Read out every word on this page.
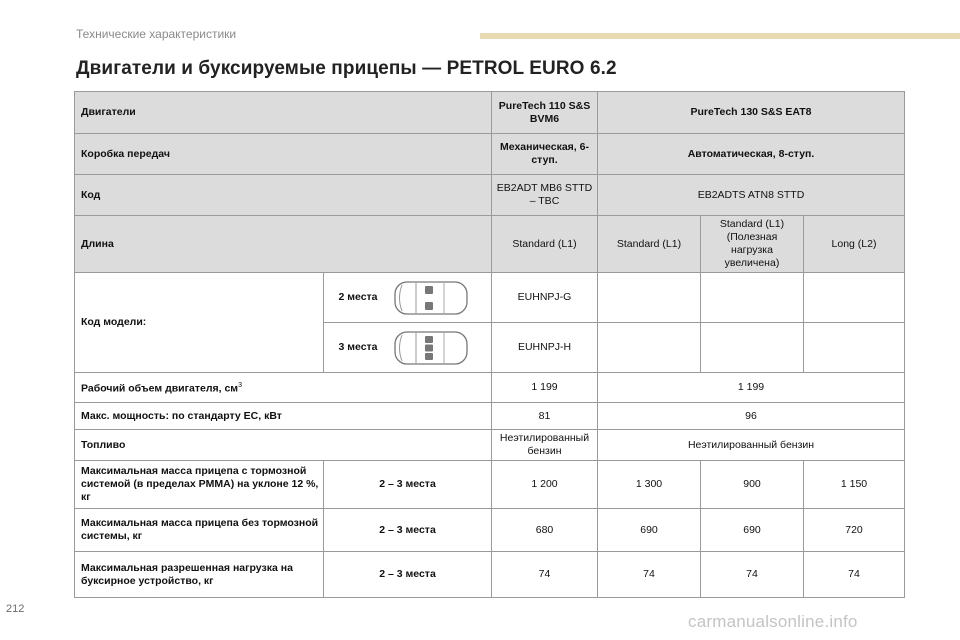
Технические характеристики
Двигатели и буксируемые прицепы — PETROL EURO 6.2
Двигатели		PureTech 110 S&S BVM6	PureTech 130 S&S EAT8		
Коробка передач		Механическая, 6-ступ.	Автоматическая, 8-ступ.		
Код		EB2ADT MB6 STTD – TBC	EB2ADTS ATN8 STTD		
Длина		Standard (L1)	Standard (L1)	Standard (L1) (Полезная нагрузка увеличена)	Long (L2)
Код модели:	2 места	EUHNPJ-G			

	3 места	EUHNPJ-H			
Рабочий объем двигателя, $см^3$		1 199	1 199		
Макс. мощность: по стандарту ЕС, кВт		81	96		
Топливо		Неэтилированный бензин	Неэтилированный бензин		
Максимальная масса прицепа с тормозной системой (в пределах PMMA) на уклоне 12 %, кг	2 – 3 места	1 200	1 300	900	1 150
Максимальная масса прицепа без тормозной системы, кг	2 – 3 места	680	690	690	720
Максимальная разрешенная нагрузка на буксирное устройство, кг	2 – 3 места	74	74	74	74
212
carmanualsonline.info
